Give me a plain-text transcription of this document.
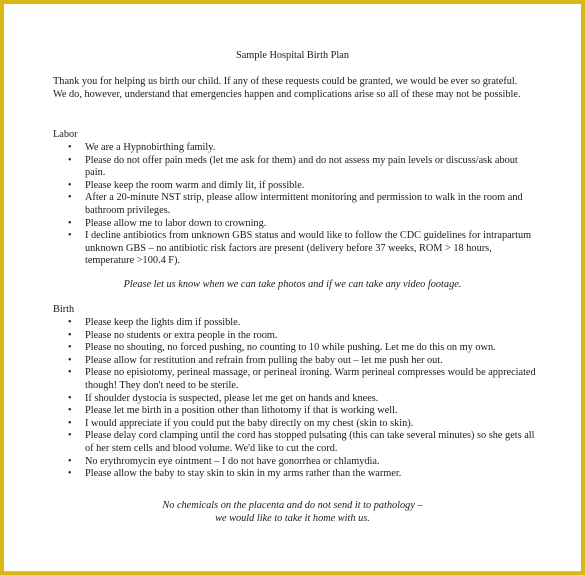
Sample Hospital Birth Plan
Thank you for helping us birth our child. If any of these requests could be granted, we would be ever so grateful. We do, however, understand that emergencies happen and complications arise so all of these may not be possible.
Labor
• We are a Hypnobirthing family.
• Please do not offer pain meds (let me ask for them) and do not assess my pain levels or discuss/ask about pain.
• Please keep the room warm and dimly lit, if possible.
• After a 20-minute NST strip, please allow intermittent monitoring and permission to walk in the room and bathroom privileges.
• Please allow me to labor down to crowning.
• I decline antibiotics from unknown GBS status and would like to follow the CDC guidelines for intrapartum unknown GBS – no antibiotic risk factors are present (delivery before 37 weeks, ROM > 18 hours, temperature >100.4 F).
Please let us know when we can take photos and if we can take any video footage.
Birth
• Please keep the lights dim if possible.
• Please no students or extra people in the room.
• Please no shouting, no forced pushing, no counting to 10 while pushing. Let me do this on my own.
• Please allow for restitution and refrain from pulling the baby out – let me push her out.
• Please no episiotomy, perineal massage, or perineal ironing. Warm perineal compresses would be appreciated though! They don't need to be sterile.
• If shoulder dystocia is suspected, please let me get on hands and knees.
• Please let me birth in a position other than lithotomy if that is working well.
• I would appreciate if you could put the baby directly on my chest (skin to skin).
• Please delay cord clamping until the cord has stopped pulsating (this can take several minutes) so she gets all of her stem cells and blood volume. We'd like to cut the cord.
• No erythromycin eye ointment – I do not have gonorrhea or chlamydia.
• Please allow the baby to stay skin to skin in my arms rather than the warmer.
No chemicals on the placenta and do not send it to pathology –
we would like to take it home with us.
